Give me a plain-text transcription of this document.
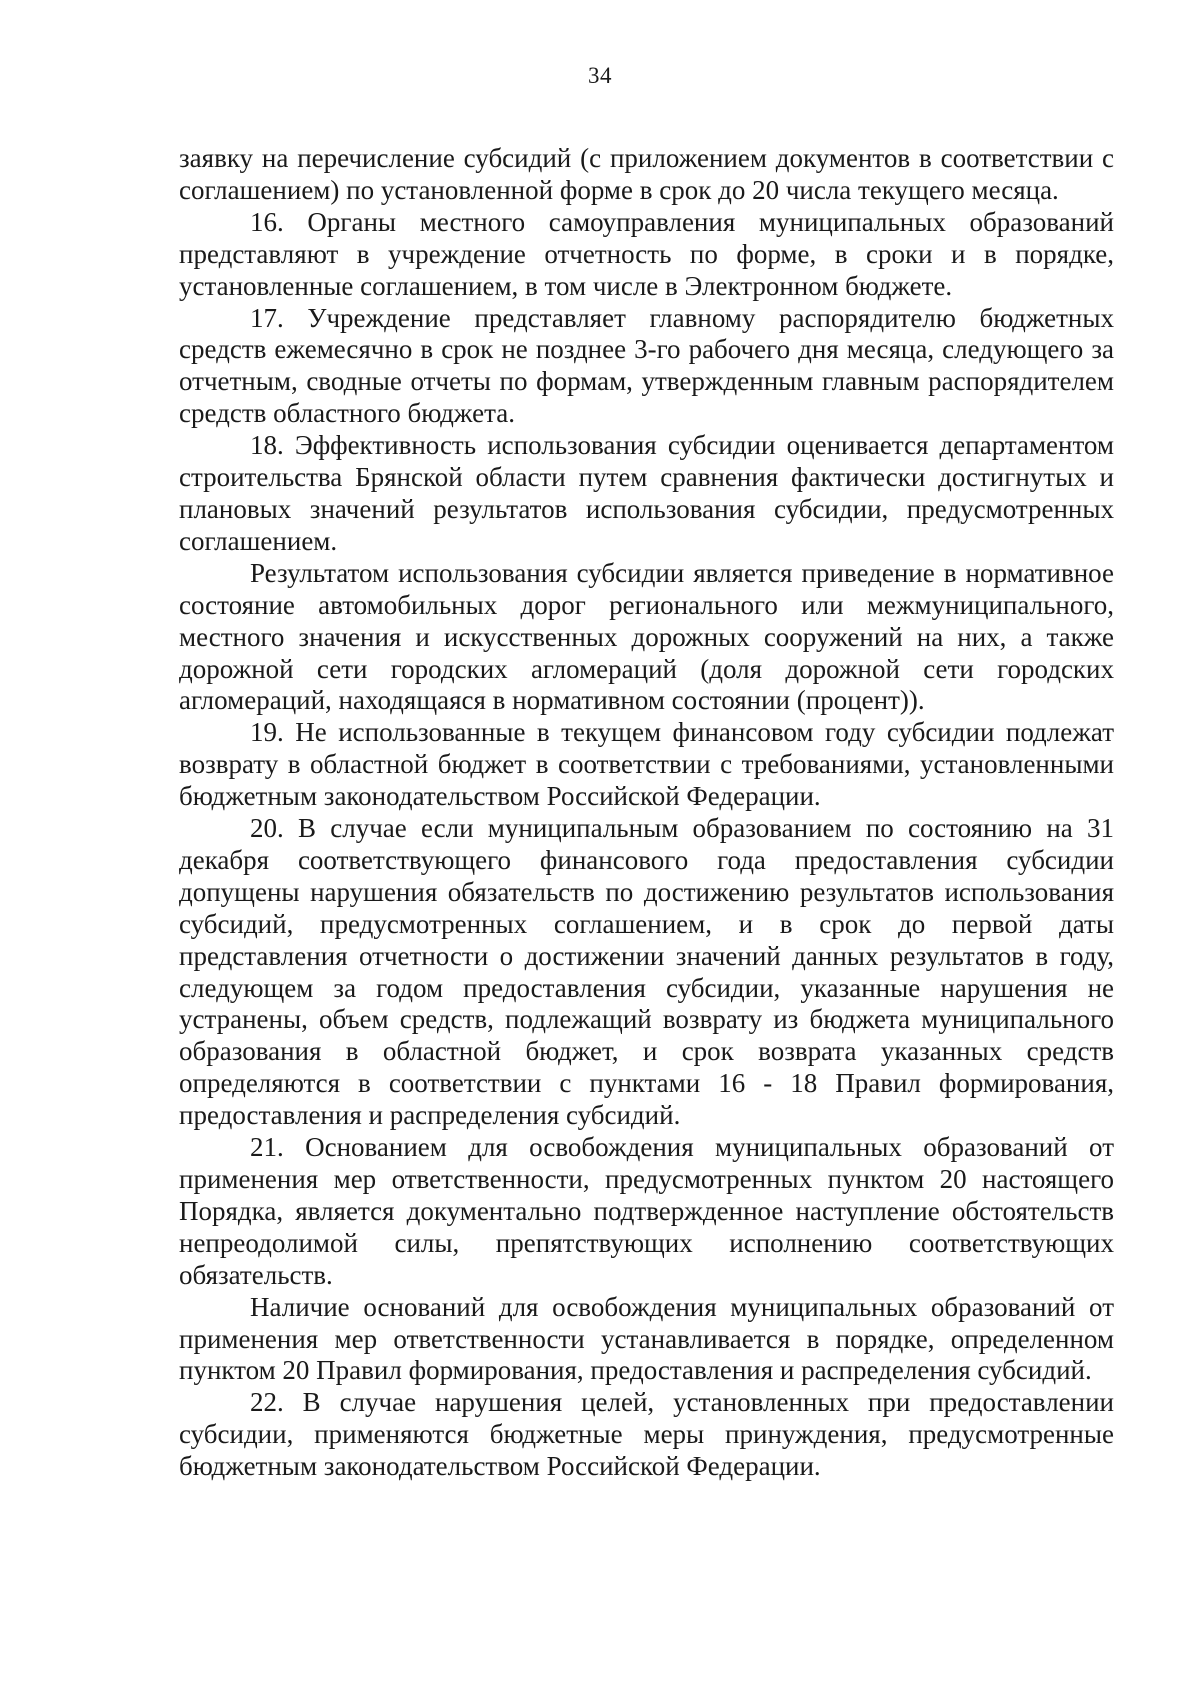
34

заявку на перечисление субсидий (с приложением документов в соответствии с соглашением) по установленной форме в срок до 20 числа текущего месяца.

16. Органы местного самоуправления муниципальных образований представляют в учреждение отчетность по форме, в сроки и в порядке, установленные соглашением, в том числе в Электронном бюджете.

17. Учреждение представляет главному распорядителю бюджетных средств ежемесячно в срок не позднее 3-го рабочего дня месяца, следующего за отчетным, сводные отчеты по формам, утвержденным главным распорядителем средств областного бюджета.

18. Эффективность использования субсидии оценивается департаментом строительства Брянской области путем сравнения фактически достигнутых и плановых значений результатов использования субсидии, предусмотренных соглашением.

Результатом использования субсидии является приведение в нормативное состояние автомобильных дорог регионального или межмуниципального, местного значения и искусственных дорожных сооружений на них, а также дорожной сети городских агломераций (доля дорожной сети городских агломераций, находящаяся в нормативном состоянии (процент)).

19. Не использованные в текущем финансовом году субсидии подлежат возврату в областной бюджет в соответствии с требованиями, установленными бюджетным законодательством Российской Федерации.

20. В случае если муниципальным образованием по состоянию на 31 декабря соответствующего финансового года предоставления субсидии допущены нарушения обязательств по достижению результатов использования субсидий, предусмотренных соглашением, и в срок до первой даты представления отчетности о достижении значений данных результатов в году, следующем за годом предоставления субсидии, указанные нарушения не устранены, объем средств, подлежащий возврату из бюджета муниципального образования в областной бюджет, и срок возврата указанных средств определяются в соответствии с пунктами 16 - 18 Правил формирования, предоставления и распределения субсидий.

21. Основанием для освобождения муниципальных образований от применения мер ответственности, предусмотренных пунктом 20 настоящего Порядка, является документально подтвержденное наступление обстоятельств непреодолимой силы, препятствующих исполнению соответствующих обязательств.

Наличие оснований для освобождения муниципальных образований от применения мер ответственности устанавливается в порядке, определенном пунктом 20 Правил формирования, предоставления и распределения субсидий.

22. В случае нарушения целей, установленных при предоставлении субсидии, применяются бюджетные меры принуждения, предусмотренные бюджетным законодательством Российской Федерации.
